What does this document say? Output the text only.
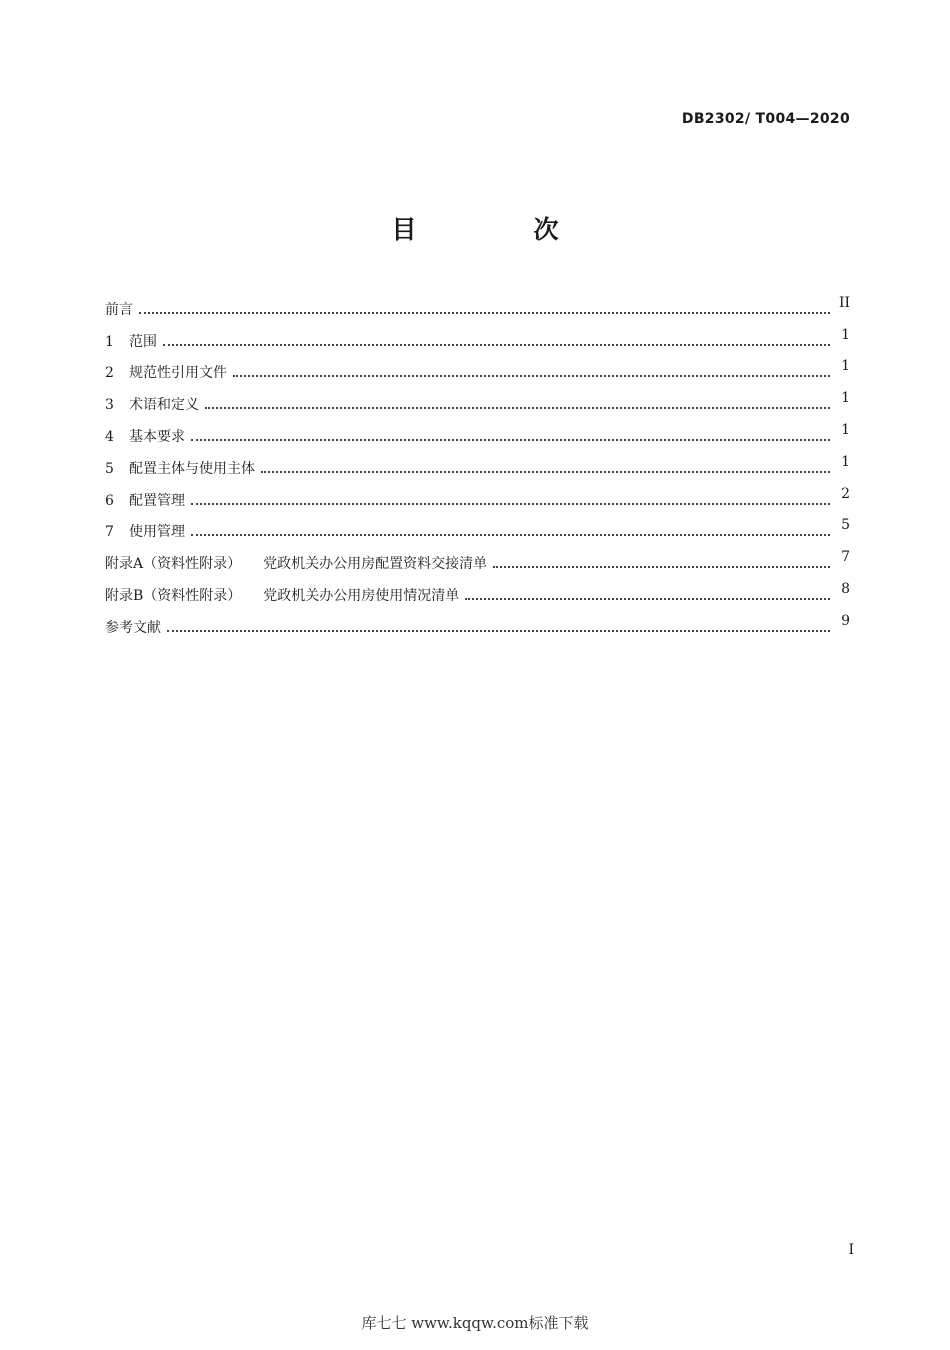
DB2302/ T004—2020
目　次
前言	II
1 范围	1
2 规范性引用文件	1
3 术语和定义	1
4 基本要求	1
5 配置主体与使用主体	1
6 配置管理	2
7 使用管理	5
附录A（资料性附录） 党政机关办公用房配置资料交接清单	7
附录B（资料性附录） 党政机关办公用房使用情况清单	8
参考文献	9
I
库七七 www.kqqw.com标准下载
